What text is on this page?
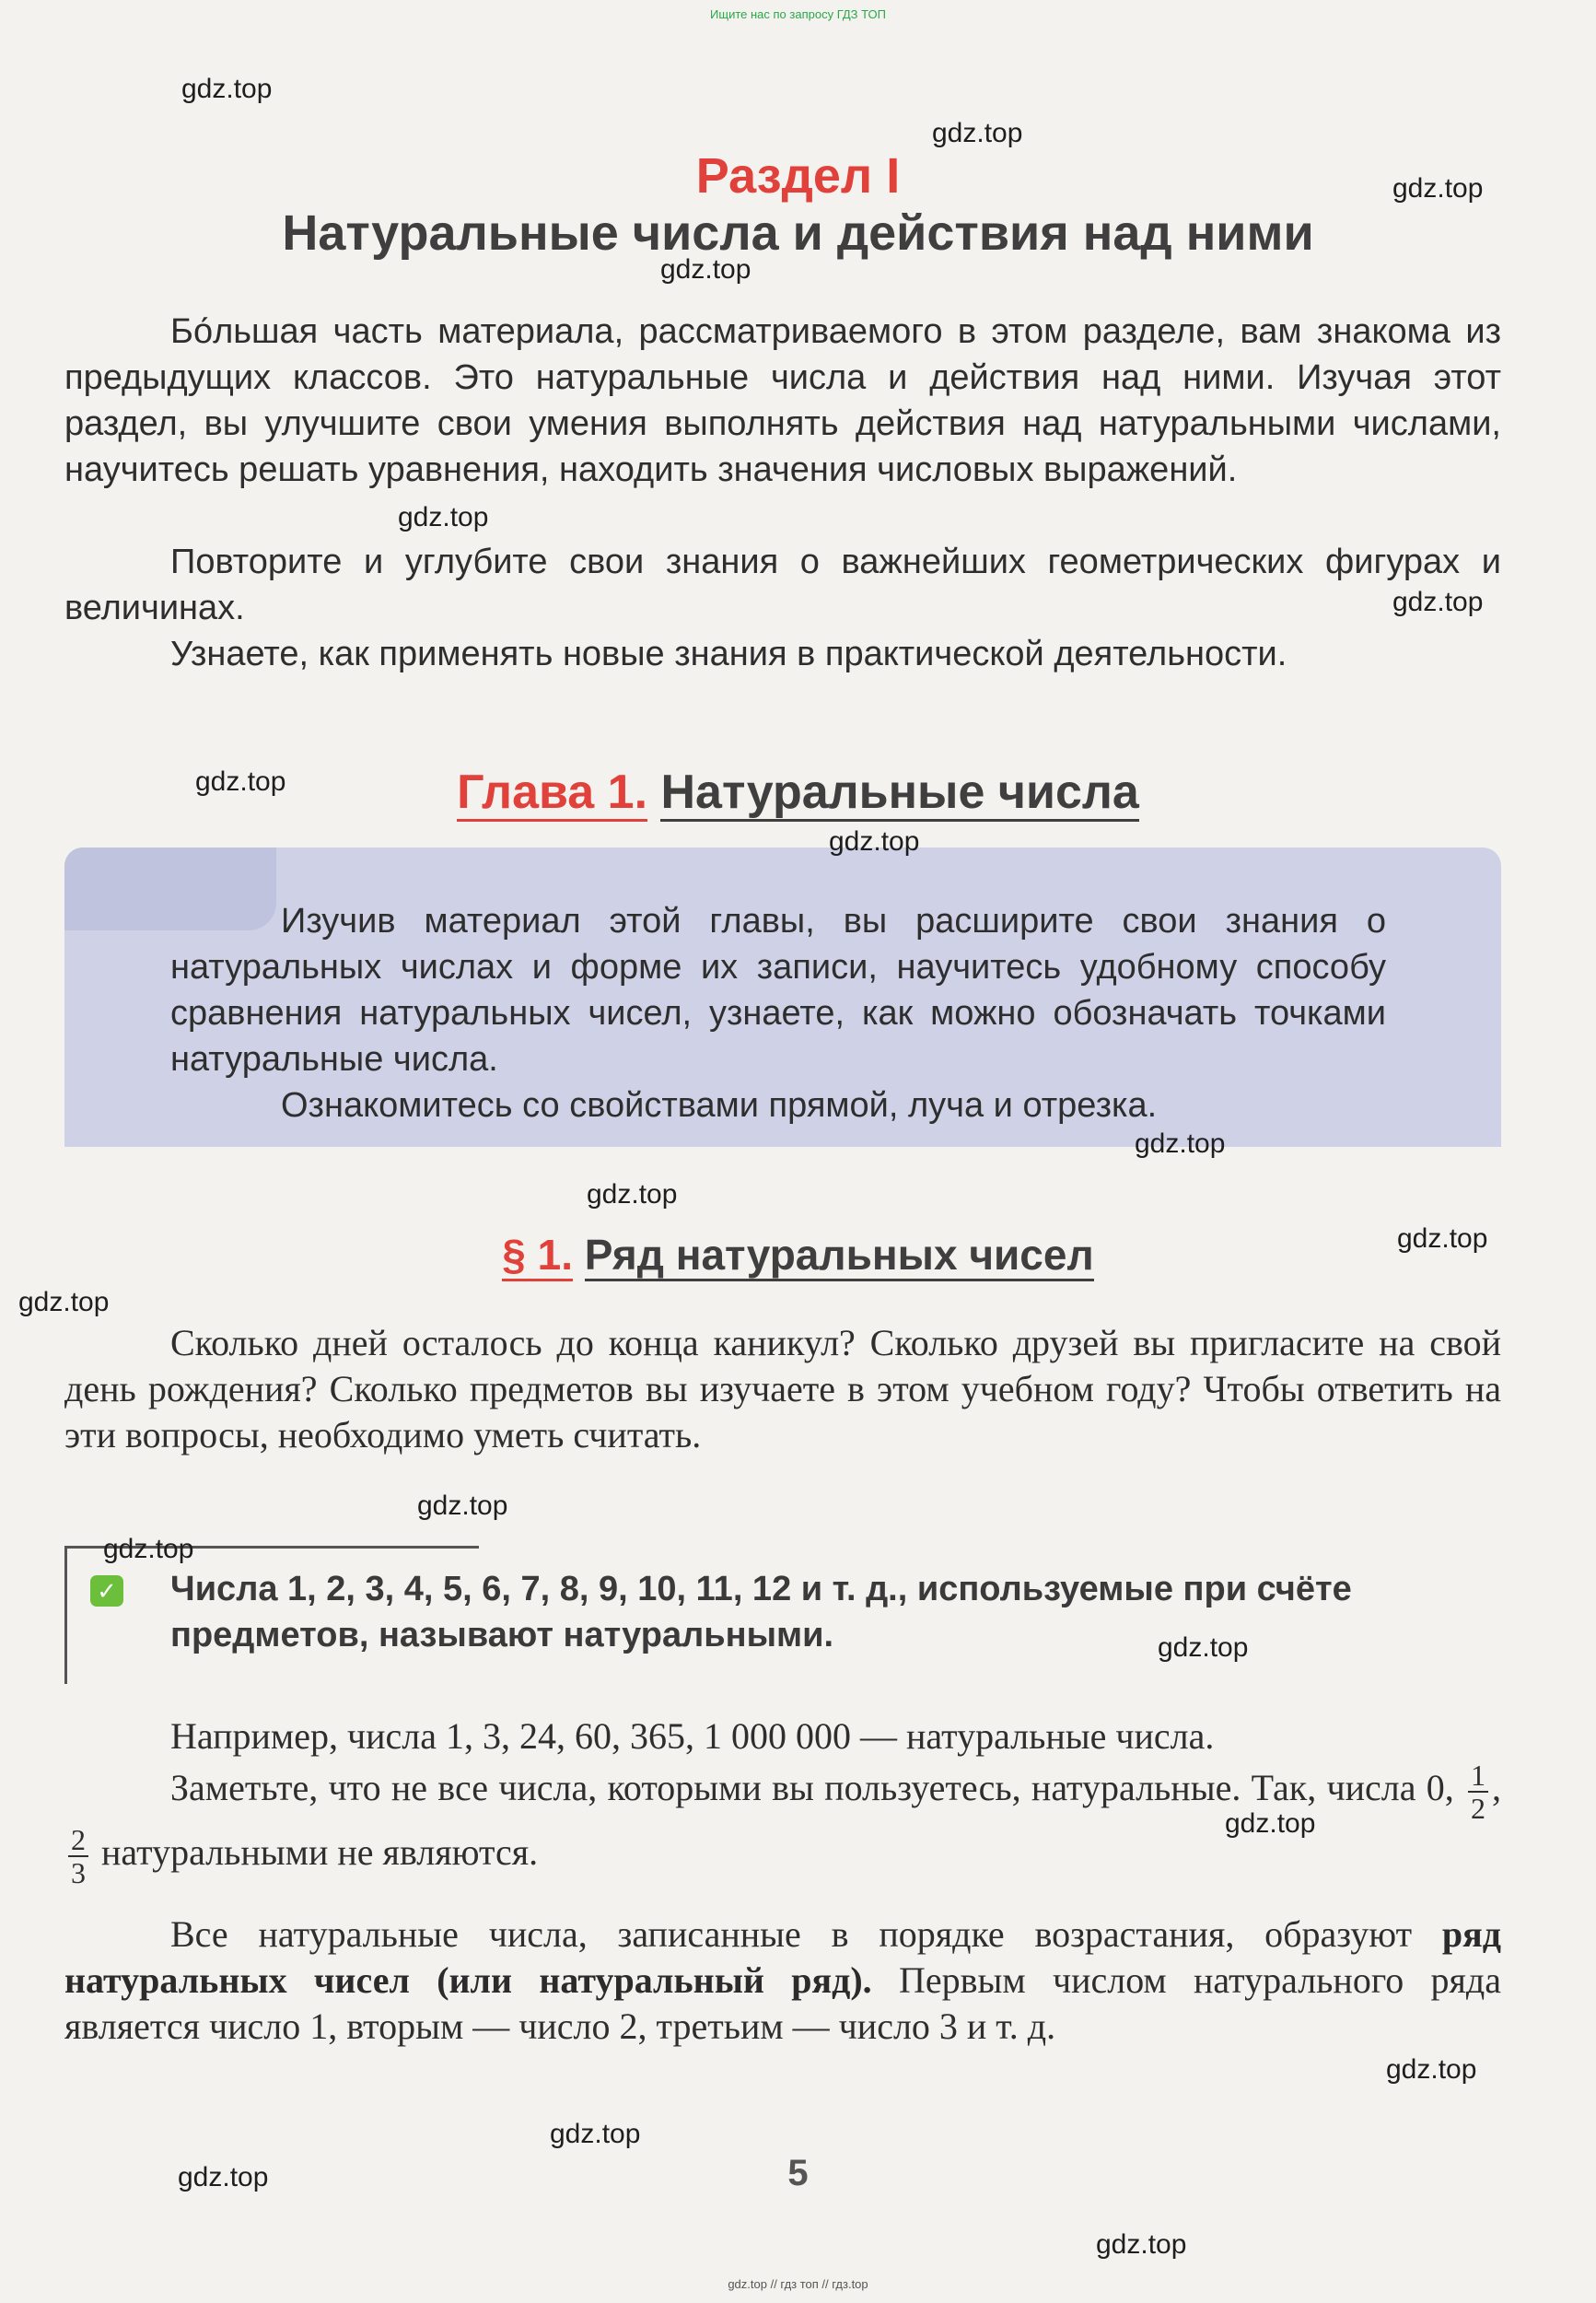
Ищите нас по запросу ГДЗ ТОП
Раздел I
Натуральные числа и действия над ними
Бо́льшая часть материала, рассматриваемого в этом разделе, вам знакома из предыдущих классов. Это натуральные числа и действия над ними. Изучая этот раздел, вы улучшите свои умения выполнять действия над натуральными числами, научитесь решать уравнения, находить значения числовых выражений.
Повторите и углубите свои знания о важнейших геометрических фигурах и величинах.
Узнаете, как применять новые знания в практической деятельности.
Глава 1. Натуральные числа
Изучив материал этой главы, вы расширите свои знания о натуральных числах и форме их записи, научитесь удобному способу сравнения натуральных чисел, узнаете, как можно обозначать точками натуральные числа.
Ознакомитесь со свойствами прямой, луча и отрезка.
§ 1. Ряд натуральных чисел
Сколько дней осталось до конца каникул? Сколько друзей вы пригласите на свой день рождения? Сколько предметов вы изучаете в этом учебном году? Чтобы ответить на эти вопросы, необходимо уметь считать.
✓ Числа 1, 2, 3, 4, 5, 6, 7, 8, 9, 10, 11, 12 и т. д., используемые при счёте предметов, называют натуральными.
Например, числа 1, 3, 24, 60, 365, 1 000 000 — натуральные числа.
Заметьте, что не все числа, которыми вы пользуетесь, натуральные. Так, числа 0, $\frac{1}{2}$ ,
$\frac{2}{3}$ натуральными не являются.
Все натуральные числа, записанные в порядке возрастания, образуют ряд натуральных чисел (или натуральный ряд). Первым числом натурального ряда является число 1, вторым — число 2, третьим — число 3 и т. д.
5
gdz.top
gdz.top
gdz.top
gdz.top
gdz.top
gdz.top
gdz.top
gdz.top
gdz.top
gdz.top
gdz.top
gdz.top
gdz.top
gdz.top
gdz.top
gdz.top
gdz.top
gdz.top
gdz.top
gdz.top
gdz.top // гдз топ // гдз.top
